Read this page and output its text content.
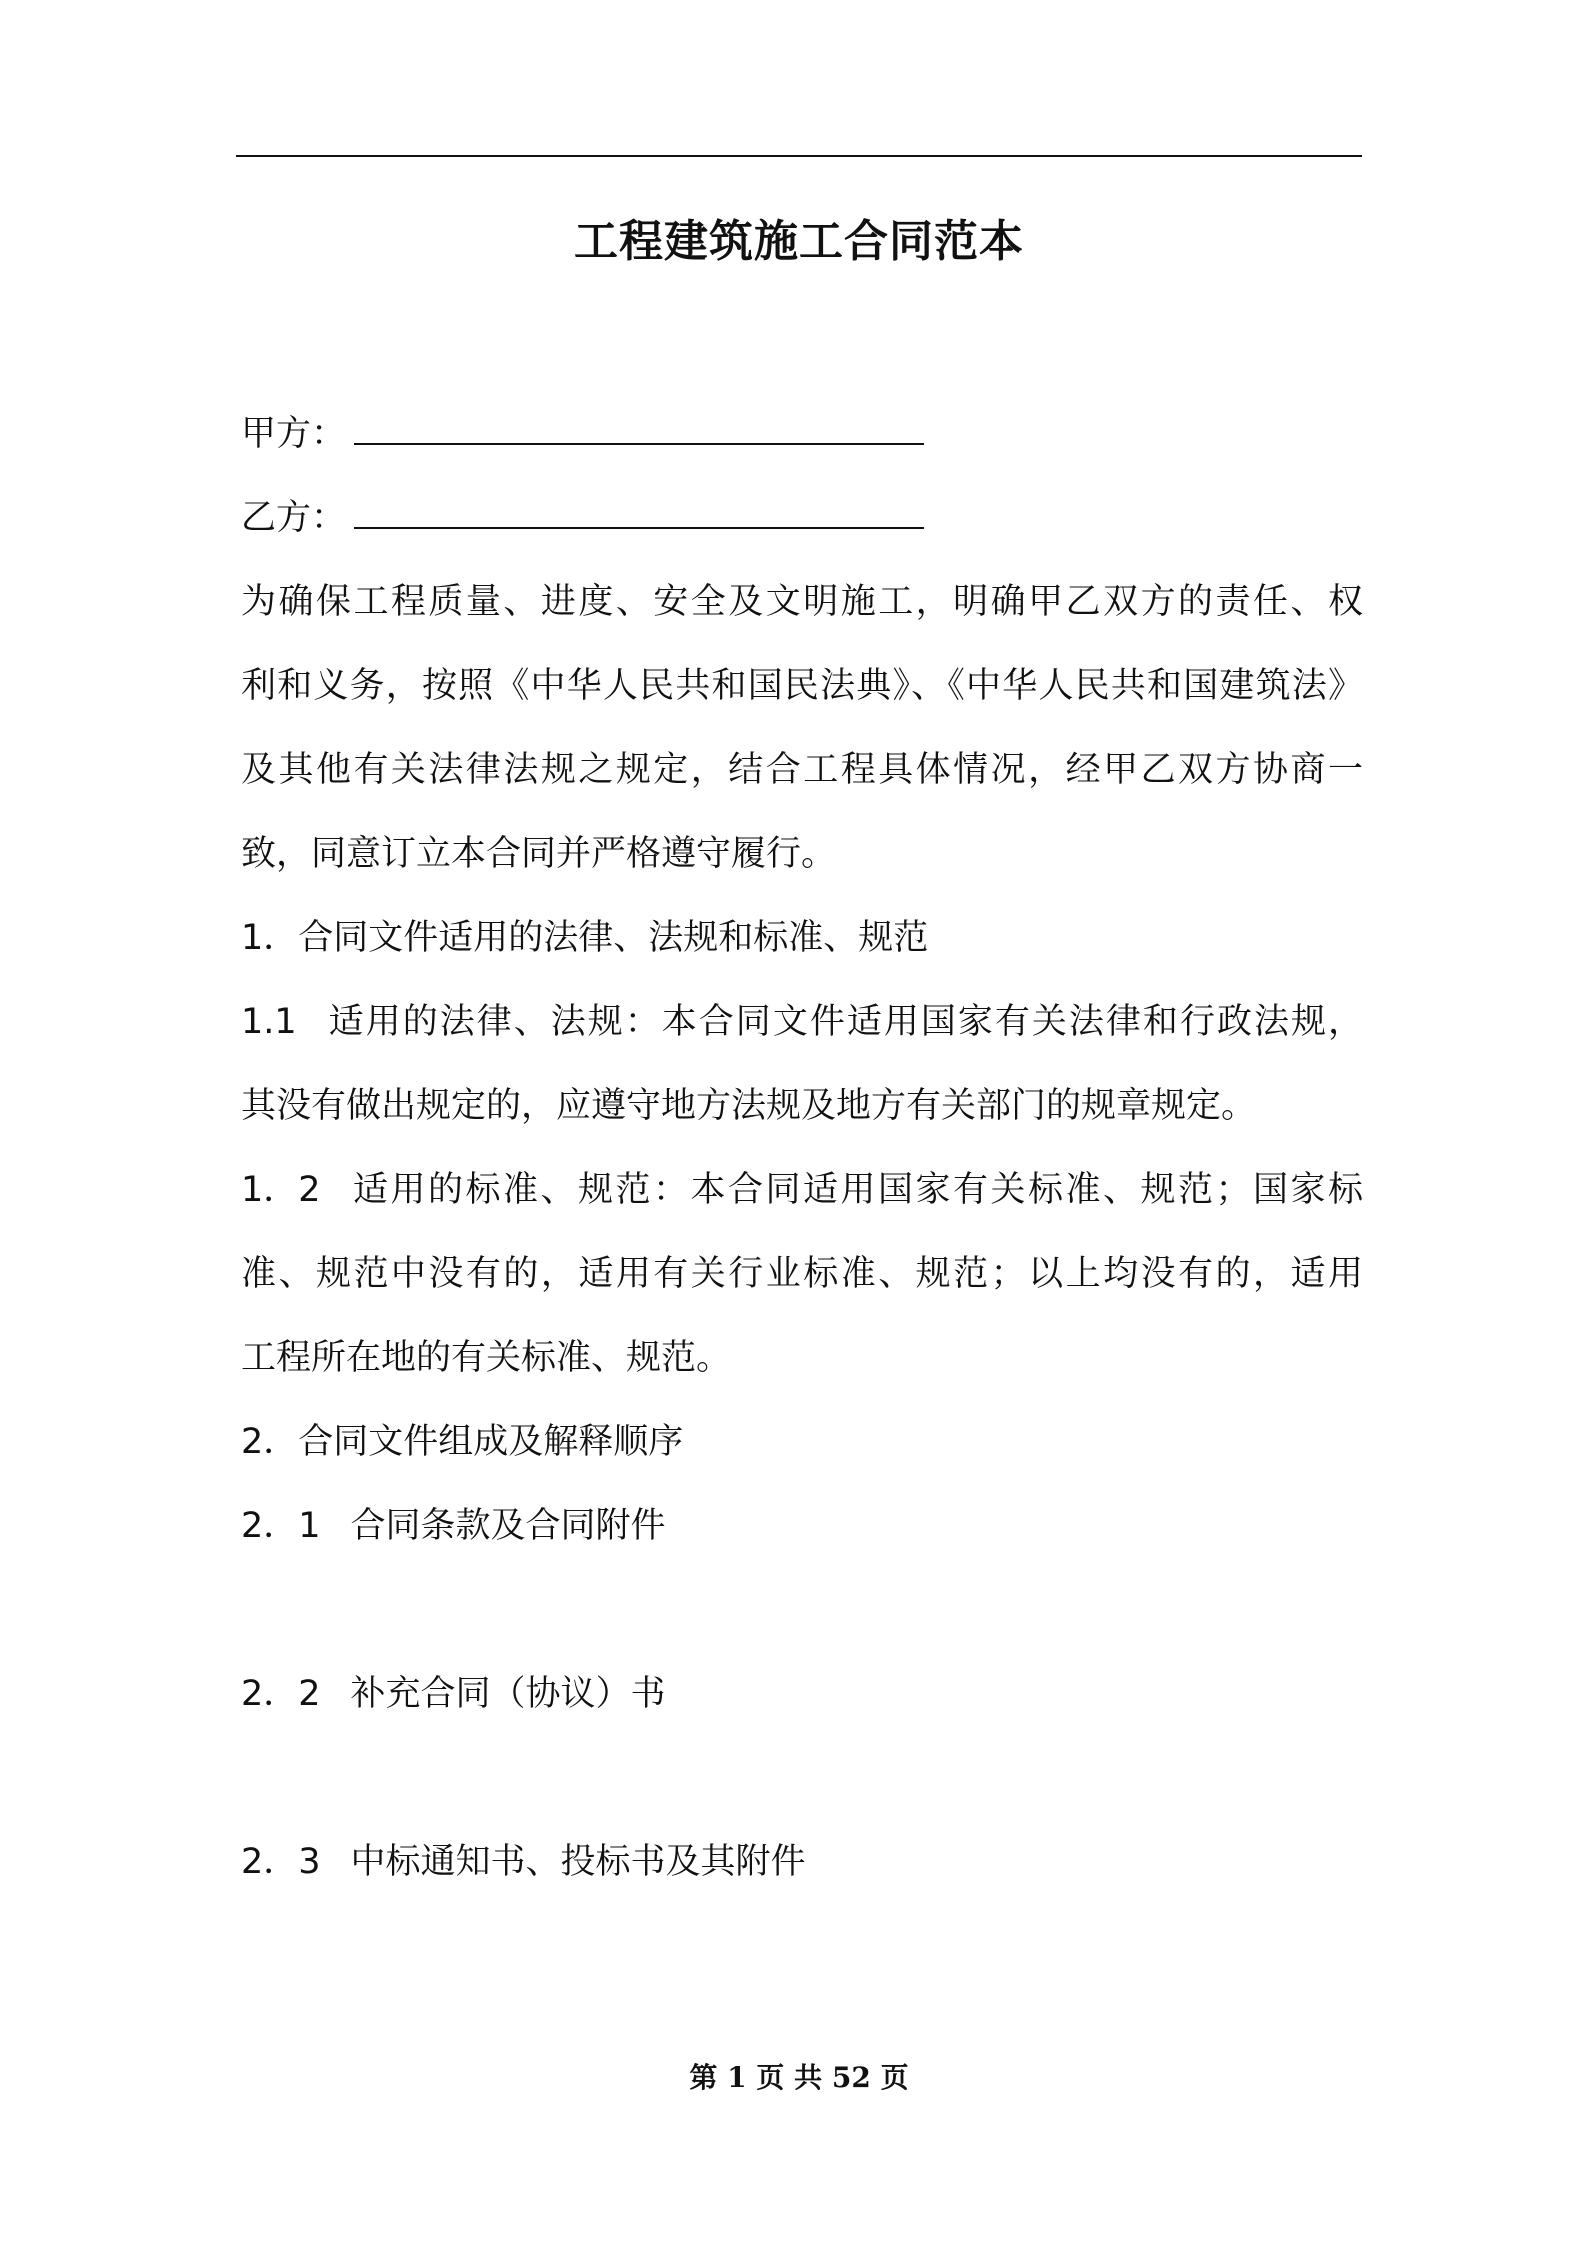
工程建筑施工合同范本
甲方：
乙方：
为确保工程质量、进度、安全及文明施工，明确甲乙双方的责任、权
利和义务，按照《中华人民共和国民法典》、《中华人民共和国建筑法》
及其他有关法律法规之规定，结合工程具体情况，经甲乙双方协商一
致，同意订立本合同并严格遵守履行。
1．合同文件适用的法律、法规和标准、规范
1.1 适用的法律、法规：本合同文件适用国家有关法律和行政法规，
其没有做出规定的，应遵守地方法规及地方有关部门的规章规定。
1．2 适用的标准、规范：本合同适用国家有关标准、规范；国家标
准、规范中没有的，适用有关行业标准、规范；以上均没有的，适用
工程所在地的有关标准、规范。
2．合同文件组成及解释顺序
2．1 合同条款及合同附件
2．2 补充合同（协议）书
2．3 中标通知书、投标书及其附件
第 1 页 共 52 页
